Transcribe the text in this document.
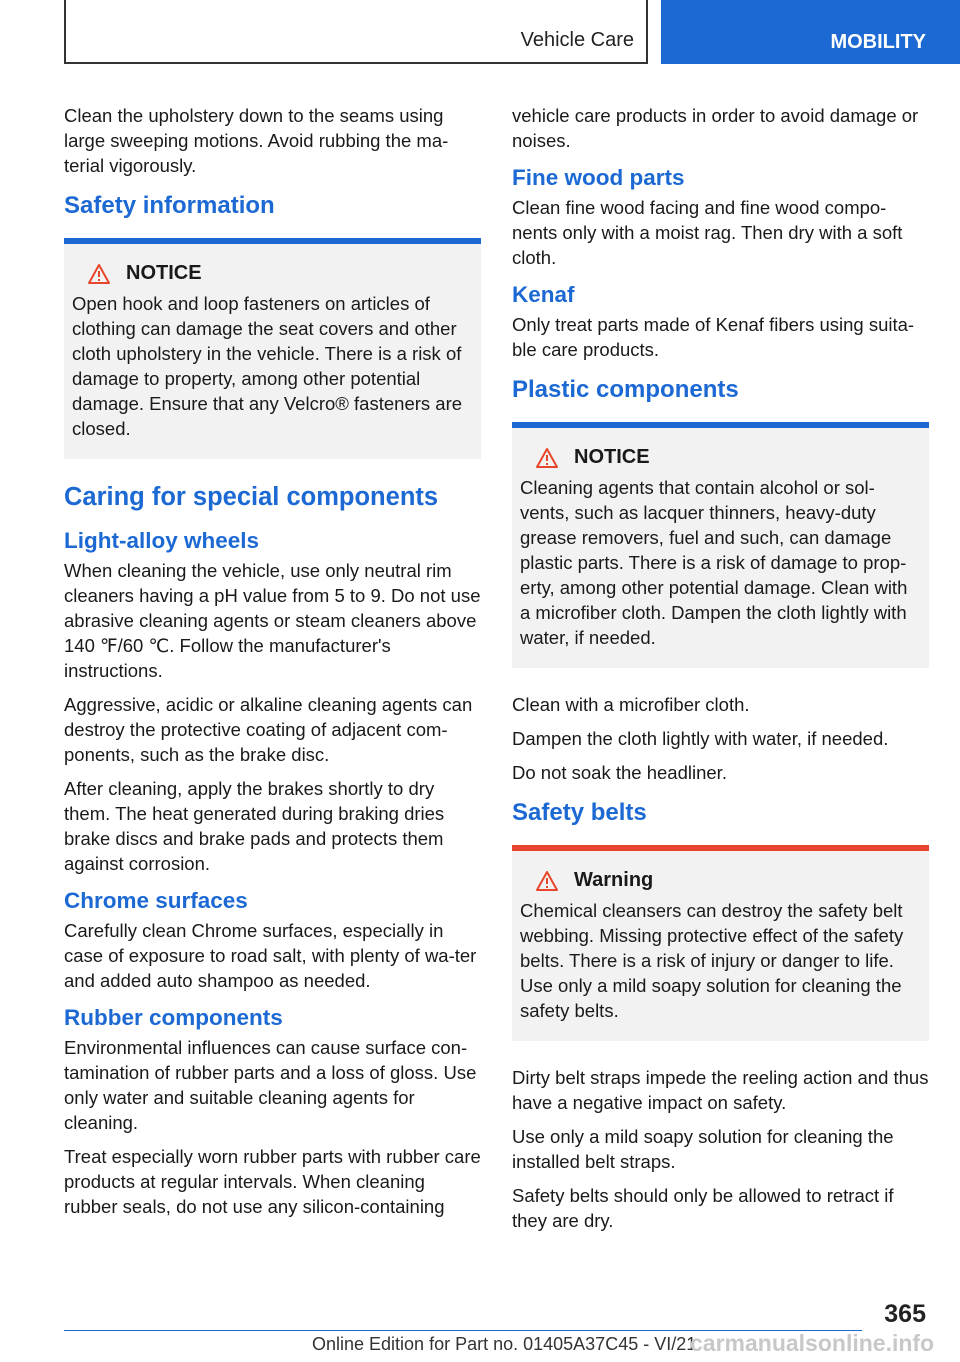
Vehicle Care	MOBILITY

Clean the upholstery down to the seams using large sweeping motions. Avoid rubbing the ma‐terial vigorously.

Safety information
NOTICE

Open hook and loop fasteners on articles of clothing can damage the seat covers and other cloth upholstery in the vehicle. There is a risk of damage to property, among other potential damage. Ensure that any Velcro® fasteners are closed.

Caring for special components
Light-alloy wheels

When cleaning the vehicle, use only neutral rim cleaners having a pH value from 5 to 9. Do not use abrasive cleaning agents or steam cleaners above 140 ℉/60 ℃. Follow the manufacturer's instructions.

Aggressive, acidic or alkaline cleaning agents can destroy the protective coating of adjacent com‐ponents, such as the brake disc.

After cleaning, apply the brakes shortly to dry them. The heat generated during braking dries brake discs and brake pads and protects them against corrosion.

Chrome surfaces

Carefully clean Chrome surfaces, especially in case of exposure to road salt, with plenty of wa‐ter and added auto shampoo as needed.

Rubber components

Environmental influences can cause surface con‐tamination of rubber parts and a loss of gloss. Use only water and suitable cleaning agents for cleaning.

Treat especially worn rubber parts with rubber care products at regular intervals. When cleaning rubber seals, do not use any silicon-containing

vehicle care products in order to avoid damage or noises.

Fine wood parts

Clean fine wood facing and fine wood compo‐nents only with a moist rag. Then dry with a soft cloth.

Kenaf

Only treat parts made of Kenaf fibers using suita‐ble care products.

Plastic components
NOTICE

Cleaning agents that contain alcohol or sol‐vents, such as lacquer thinners, heavy-duty grease removers, fuel and such, can damage plastic parts. There is a risk of damage to prop‐erty, among other potential damage. Clean with a microfiber cloth. Dampen the cloth lightly with water, if needed.

Clean with a microfiber cloth.

Dampen the cloth lightly with water, if needed.

Do not soak the headliner.

Safety belts
Warning

Chemical cleansers can destroy the safety belt webbing. Missing protective effect of the safety belts. There is a risk of injury or danger to life. Use only a mild soapy solution for cleaning the safety belts.

Dirty belt straps impede the reeling action and thus have a negative impact on safety.

Use only a mild soapy solution for cleaning the installed belt straps.

Safety belts should only be allowed to retract if they are dry.

365
Online Edition for Part no. 01405A37C45 - VI/21
carmanualsonline.info
